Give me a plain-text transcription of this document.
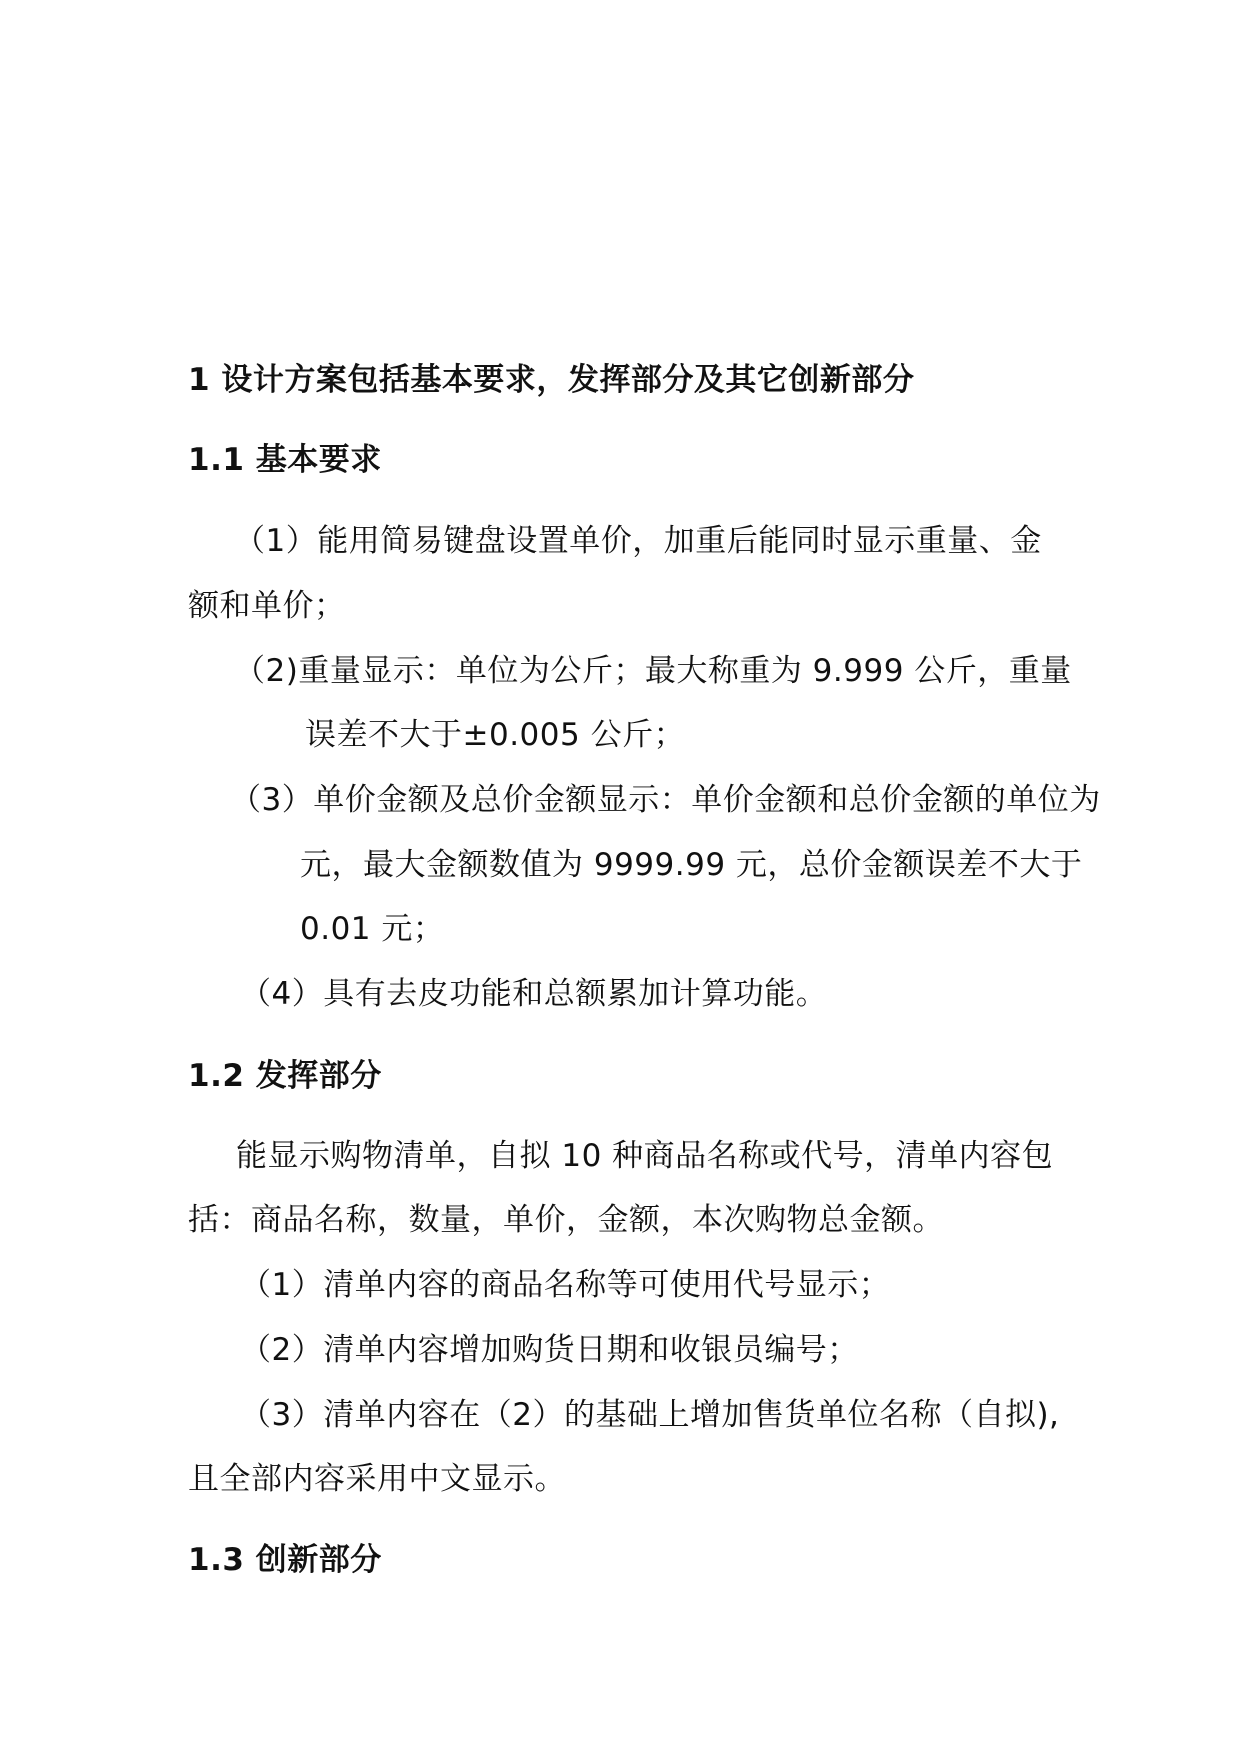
1 设计方案包括基本要求，发挥部分及其它创新部分
1.1 基本要求
（1）能用简易键盘设置单价，加重后能同时显示重量、金
额和单价；
（2)重量显示：单位为公斤；最大称重为 9.999 公斤，重量
误差不大于±0.005 公斤；
（3）单价金额及总价金额显示：单价金额和总价金额的单位为
元，最大金额数值为 9999.99 元，总价金额误差不大于
0.01 元；
（4）具有去皮功能和总额累加计算功能。
1.2 发挥部分
能显示购物清单，自拟 10 种商品名称或代号，清单内容包
括：商品名称，数量，单价，金额，本次购物总金额。
（1）清单内容的商品名称等可使用代号显示；
（2）清单内容增加购货日期和收银员编号；
（3）清单内容在（2）的基础上增加售货单位名称（自拟),
且全部内容采用中文显示。
1.3 创新部分
